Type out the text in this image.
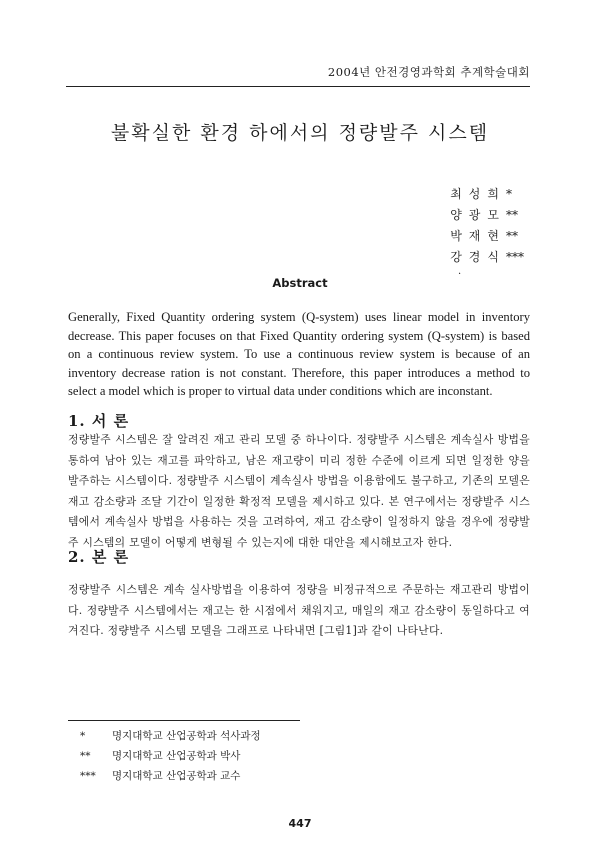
2004년 안전경영과학회 추계학술대회
불확실한 환경 하에서의 정량발주 시스템
최성희*
양광모**
박재현**
강경식***
.
Abstract

Generally, Fixed Quantity ordering system (Q-system) uses linear model in inventory decrease. This paper focuses on that Fixed Quantity ordering system (Q-system) is based on a continuous review system. To use a continuous review system is because of an inventory decrease ration is not constant. Therefore, this paper introduces a method to select a model which is proper to virtual data under conditions which are inconstant.

1. 서 론

정량발주 시스템은 잘 알려진 재고 관리 모델 중 하나이다. 정량발주 시스템은 계속실사 방법을 통하여 남아 있는 재고를 파악하고, 남은 재고량이 미리 정한 수준에 이르게 되면 일정한 양을 발주하는 시스템이다. 정량발주 시스템이 계속실사 방법을 이용함에도 불구하고, 기존의 모델은 재고 감소량과 조달 기간이 일정한 확정적 모델을 제시하고 있다. 본 연구에서는 정량발주 시스템에서 계속실사 방법을 사용하는 것을 고려하여, 재고 감소량이 일정하지 않을 경우에 정량발주 시스템의 모델이 어떻게 변형될 수 있는지에 대한 대안을 제시해보고자 한다.

2. 본 론

정량발주 시스템은 계속 실사방법을 이용하여 정량을 비정규적으로 주문하는 재고관리 방법이다. 정량발주 시스템에서는 재고는 한 시점에서 채워지고, 매일의 재고 감소량이 동일하다고 여겨진다. 정량발주 시스템 모델을 그래프로 나타내면 [그림1]과 같이 나타난다.

*	명지대학교 산업공학과 석사과정
** 명지대학교 산업공학과 박사
*** 명지대학교 산업공학과 교수
447
